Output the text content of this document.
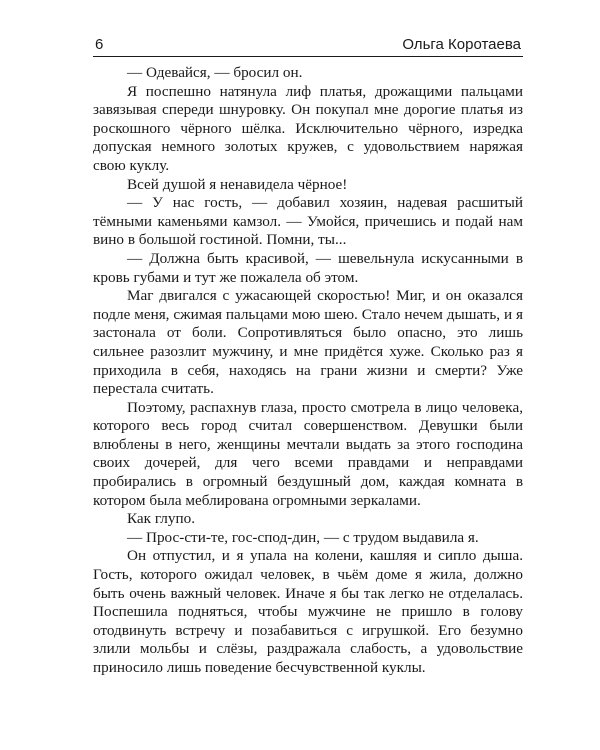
6	Ольга Коротаева

— Одевайся, — бросил он.

Я поспешно натянула лиф платья, дрожащими пальцами завязывая спереди шнуровку. Он покупал мне дорогие платья из роскошного чёрного шёлка. Исключительно чёрного, изредка допуская немного золотых кружев, с удовольствием наряжая свою куклу.

Всей душой я ненавидела чёрное!

— У нас гость, — добавил хозяин, надевая расшитый тёмными каменьями камзол. — Умойся, причешись и подай нам вино в большой гостиной. Помни, ты...

— Должна быть красивой, — шевельнула искусанными в кровь губами и тут же пожалела об этом.

Маг двигался с ужасающей скоростью! Миг, и он оказался подле меня, сжимая пальцами мою шею. Стало нечем дышать, и я застонала от боли. Сопротивляться было опасно, это лишь сильнее разозлит мужчину, и мне придётся хуже. Сколько раз я приходила в себя, находясь на грани жизни и смерти? Уже перестала считать.

Поэтому, распахнув глаза, просто смотрела в лицо человека, которого весь город считал совершенством. Девушки были влюблены в него, женщины мечтали выдать за этого господина своих дочерей, для чего всеми правдами и неправдами пробирались в огромный бездушный дом, каждая комната в котором была меблирована огромными зеркалами.

Как глупо.

— Прос-сти-те, гос-спод-дин, — с трудом выдавила я.

Он отпустил, и я упала на колени, кашляя и сипло дыша. Гость, которого ожидал человек, в чьём доме я жила, должно быть очень важный человек. Иначе я бы так легко не отделалась. Поспешила подняться, чтобы мужчине не пришло в голову отодвинуть встречу и позабавиться с игрушкой. Его безумно злили мольбы и слёзы, раздражала слабость, а удовольствие приносило лишь поведение бесчувственной куклы.
